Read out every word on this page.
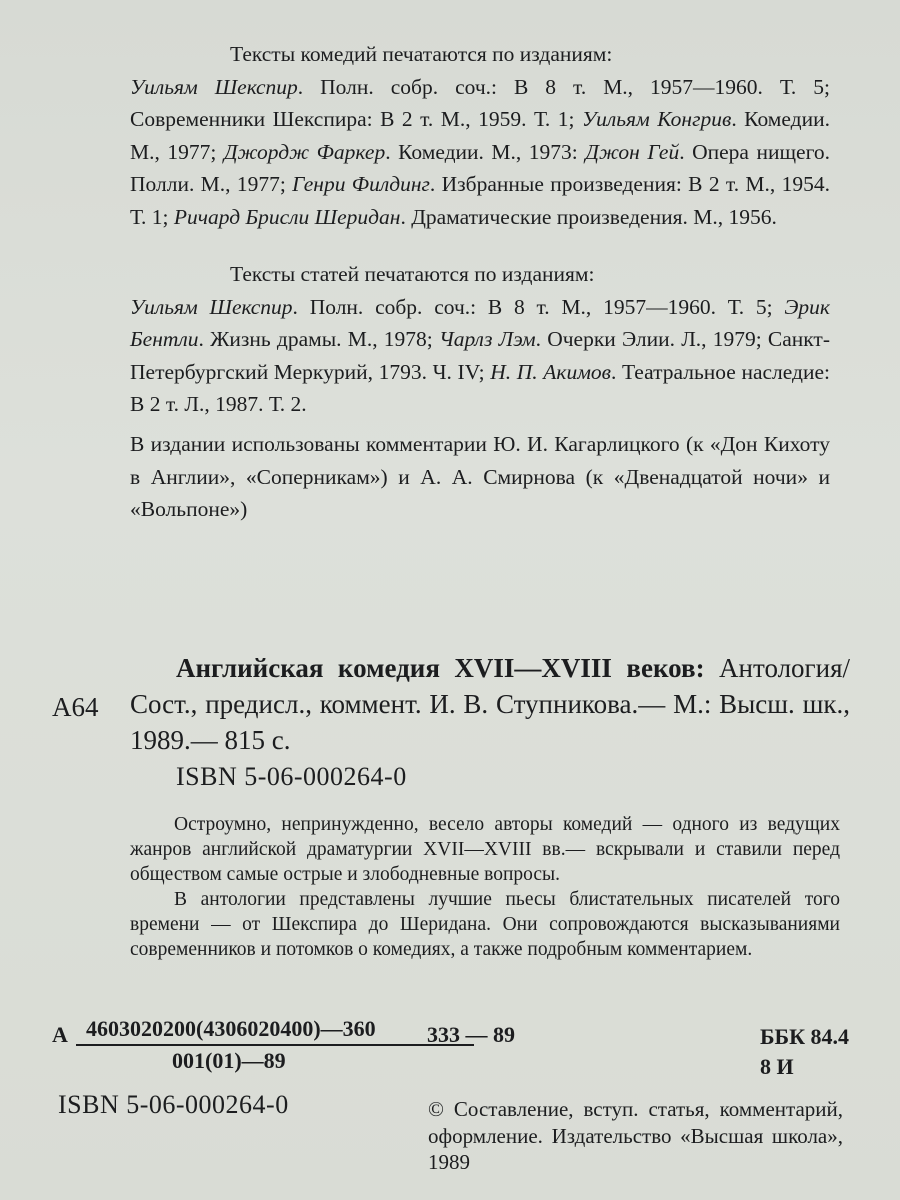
Тексты комедий печатаются по изданиям:

Уильям Шекспир. Полн. собр. соч.: В 8 т. М., 1957—1960. Т. 5; Современники Шекспира: В 2 т. М., 1959. Т. 1; Уильям Конгрив. Комедии. М., 1977; Джордж Фаркер. Комедии. М., 1973: Джон Гей. Опера нищего. Полли. М., 1977; Генри Филдинг. Избранные произведения: В 2 т. М., 1954. Т. 1; Ричард Брисли Шеридан. Драматические произведения. М., 1956.

Тексты статей печатаются по изданиям:

Уильям Шекспир. Полн. собр. соч.: В 8 т. М., 1957—1960. Т. 5; Эрик Бентли. Жизнь драмы. М., 1978; Чарлз Лэм. Очерки Элии. Л., 1979; Санкт-Петербургский Меркурий, 1793. Ч. IV; Н. П. Акимов. Театральное наследие: В 2 т. Л., 1987. Т. 2.

В издании использованы комментарии Ю. И. Кагарлицкого (к «Дон Кихоту в Англии», «Соперникам») и А. А. Смирнова (к «Двенадцатой ночи» и «Вольпоне»)

А64

Английская комедия XVII—XVIII веков: Антология/Сост., предисл., коммент. И. В. Ступникова.— М.: Высш. шк., 1989.— 815 с.

ISBN 5-06-000264-0

Остроумно, непринужденно, весело авторы комедий — одного из ведущих жанров английской драматургии XVII—XVIII вв.— вскрывали и ставили перед обществом самые острые и злободневные вопросы.

В антологии представлены лучшие пьесы блистательных писателей того времени — от Шекспира до Шеридана. Они сопровождаются высказываниями современников и потомков о комедиях, а также подробным комментарием.

А 4603020200(4306020400)—360
001(01)—89
333 — 89	ББК 84.4
8 И
ISBN 5-06-000264-0	© Составление, вступ. статья, комментарий, оформление. Издательство «Высшая школа», 1989
